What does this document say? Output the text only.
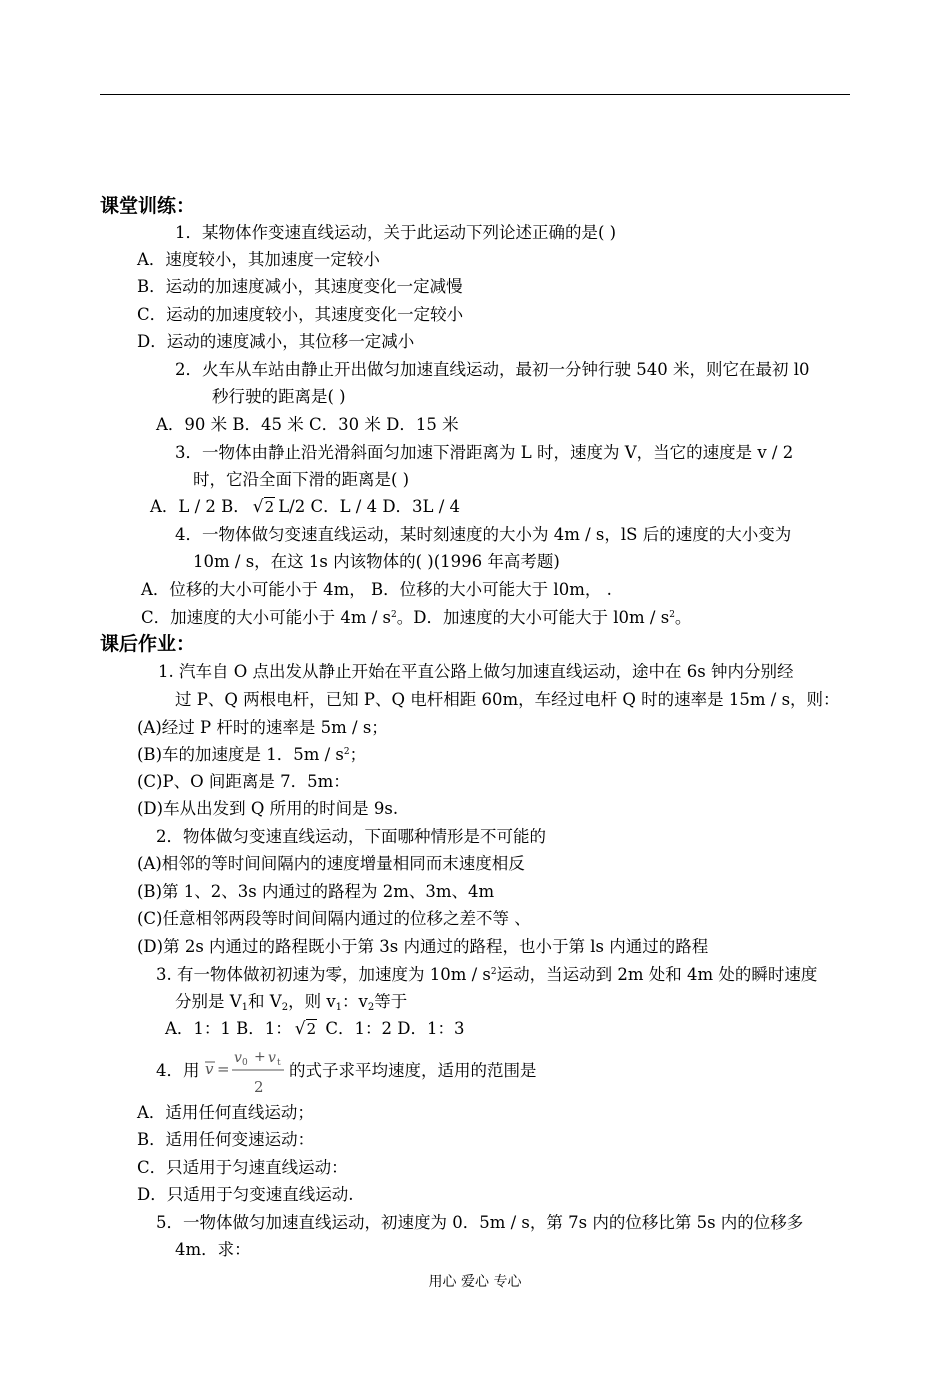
课堂训练：
1．某物体作变速直线运动，关于此运动下列论述正确的是( )
A．速度较小，其加速度一定较小
B．运动的加速度减小，其速度变化一定减慢
C．运动的加速度较小，其速度变化一定较小
D．运动的速度减小，其位移一定减小
2．火车从车站由静止开出做匀加速直线运动，最初一分钟行驶 540 米，则它在最初 l0
秒行驶的距离是( )
A．90 米 B．45 米 C．30 米 D．15 米
3．一物体由静止沿光滑斜面匀加速下滑距离为 L 时，速度为 V，当它的速度是 v / 2
时，它沿全面下滑的距离是( )
A．L / 2 B． √2 L/2 C．L / 4 D．3L / 4
4．一物体做匀变速直线运动，某时刻速度的大小为 4m / s，lS 后的速度的大小变为
10m / s，在这 1s 内该物体的( )(1996 年高考题)
A．位移的大小可能小于 4m， B．位移的大小可能大于 l0m， .
C．加速度的大小可能小于 $4m / s^2$。D．加速度的大小可能大于 $l0m / s^2$。
课后作业：
1. 汽车自 O 点出发从静止开始在平直公路上做匀加速直线运动，途中在 6s 钟内分别经
过 P、Q 两根电杆，已知 P、Q 电杆相距 60m，车经过电杆 Q 时的速率是 15m / s，则：
(A)经过 P 杆时的速率是 5m / s；
(B)车的加速度是 1．$5m / s^2$；
(C)P、O 间距离是 7．5m：
(D)车从出发到 Q 所用的时间是 9s.
2．物体做匀变速直线运动，下面哪种情形是不可能的
(A)相邻的等时间间隔内的速度增量相同而末速度相反
(B)第 1、2、3s 内通过的路程为 2m、3m、4m
(C)任意相邻两段等时间间隔内通过的位移之差不等 、
(D)第 2s 内通过的路程既小于第 3s 内通过的路程，也小于第 ls 内通过的路程
3. 有一物体做初初速为零，加速度为 $10m / s^2$运动，当运动到 2m 处和 4m 处的瞬时速度
分别是 $V_1$和 $V_2$，则 $v_1$：$v_2$等于
A．1：1 B．1： √2 C．1：2 D．1：3
4．用 v =
v 0 + v t
2
的式子求平均速度，适用的范围是
A．适用任何直线运动；
B．适用任何变速运动：
C．只适用于匀速直线运动：
D．只适用于匀变速直线运动.
5．一物体做匀加速直线运动，初速度为 0．5m / s，第 7s 内的位移比第 5s 内的位移多
4m．求：
用心 爱心 专心
